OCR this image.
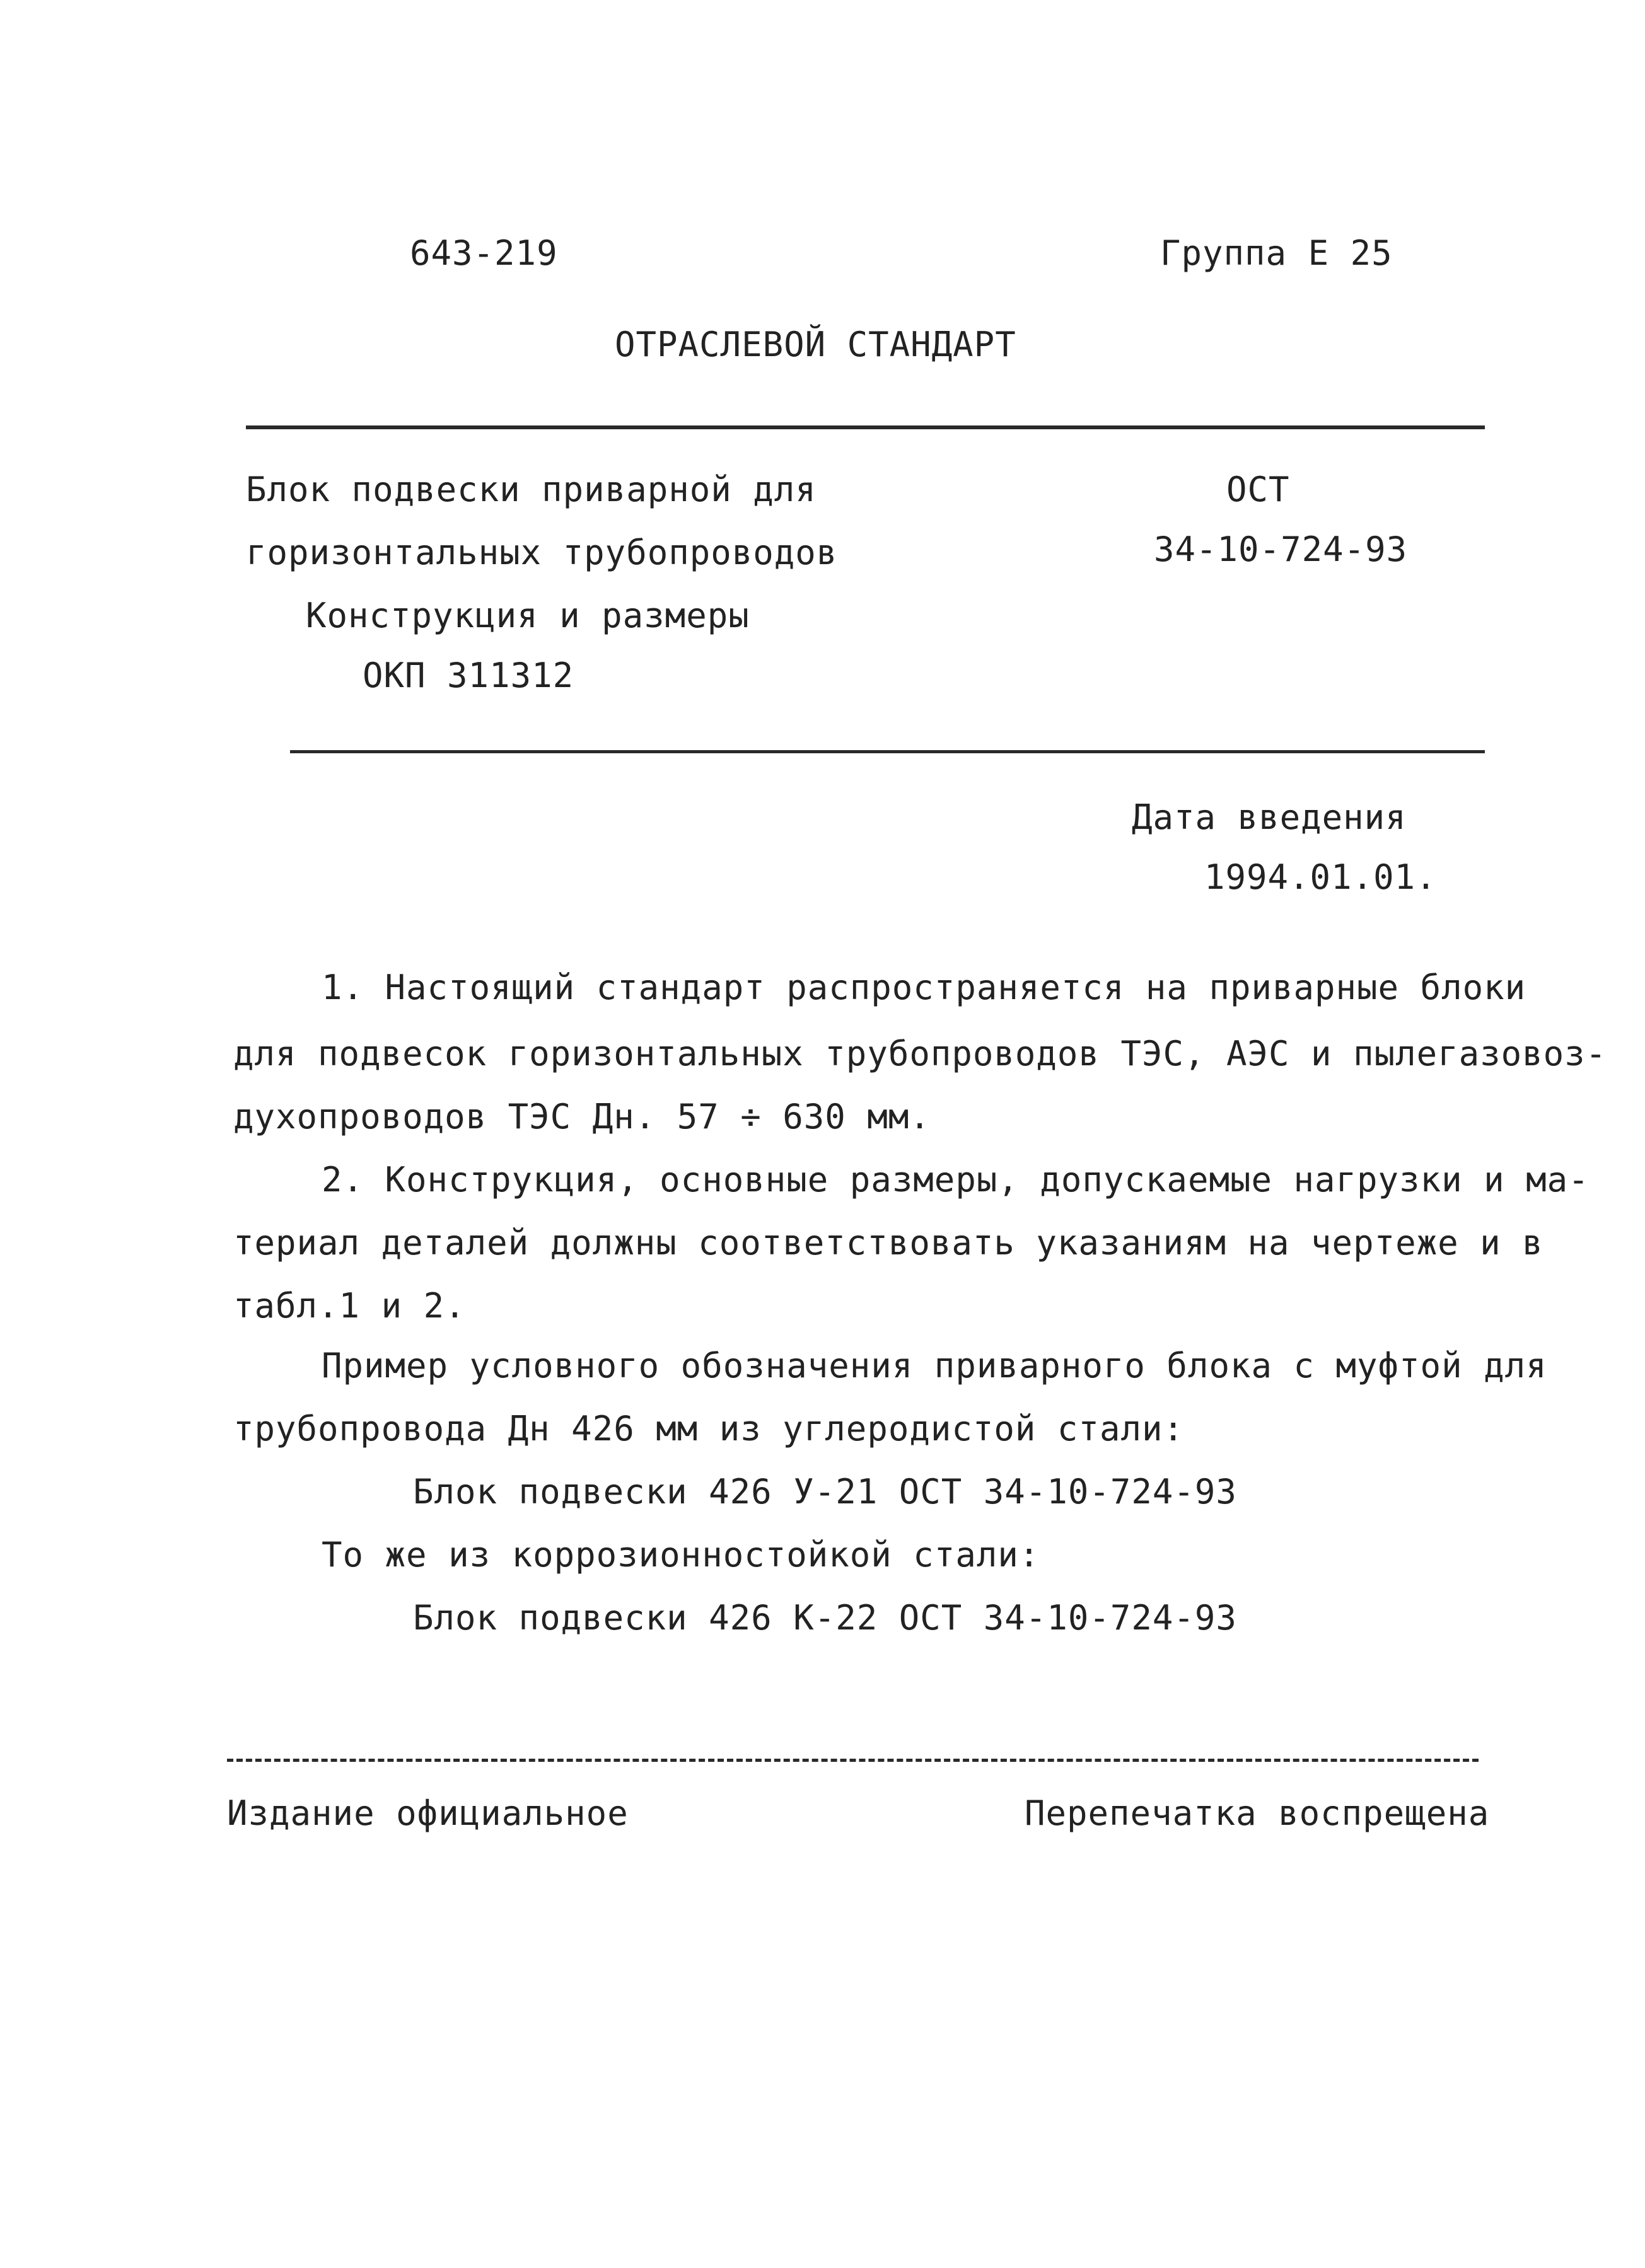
643-219	Группа Е 25
ОТРАСЛЕВОЙ СТАНДАРТ
Блок подвески приварной для
горизонтальных трубопроводов
Конструкция и размеры
ОКП 311312
ОСТ
34-10-724-93
Дата введения
1994.01.01.
1. Настоящий стандарт распространяется на приварные блоки
для подвесок горизонтальных трубопроводов ТЭС, АЭС и пылегазовоз-
духопроводов ТЭС Дн. 57 ÷ 630 мм.
2. Конструкция, основные размеры, допускаемые нагрузки и ма-
териал деталей должны соответствовать указаниям на чертеже и в
табл.1 и 2.
Пример условного обозначения приварного блока с муфтой для
трубопровода Дн 426 мм из углеродистой стали:
Блок подвески 426 У-21 ОСТ 34-10-724-93
То же из коррозионностойкой стали:
Блок подвески 426 К-22 ОСТ 34-10-724-93
Издание официальное	Перепечатка воспрещена
